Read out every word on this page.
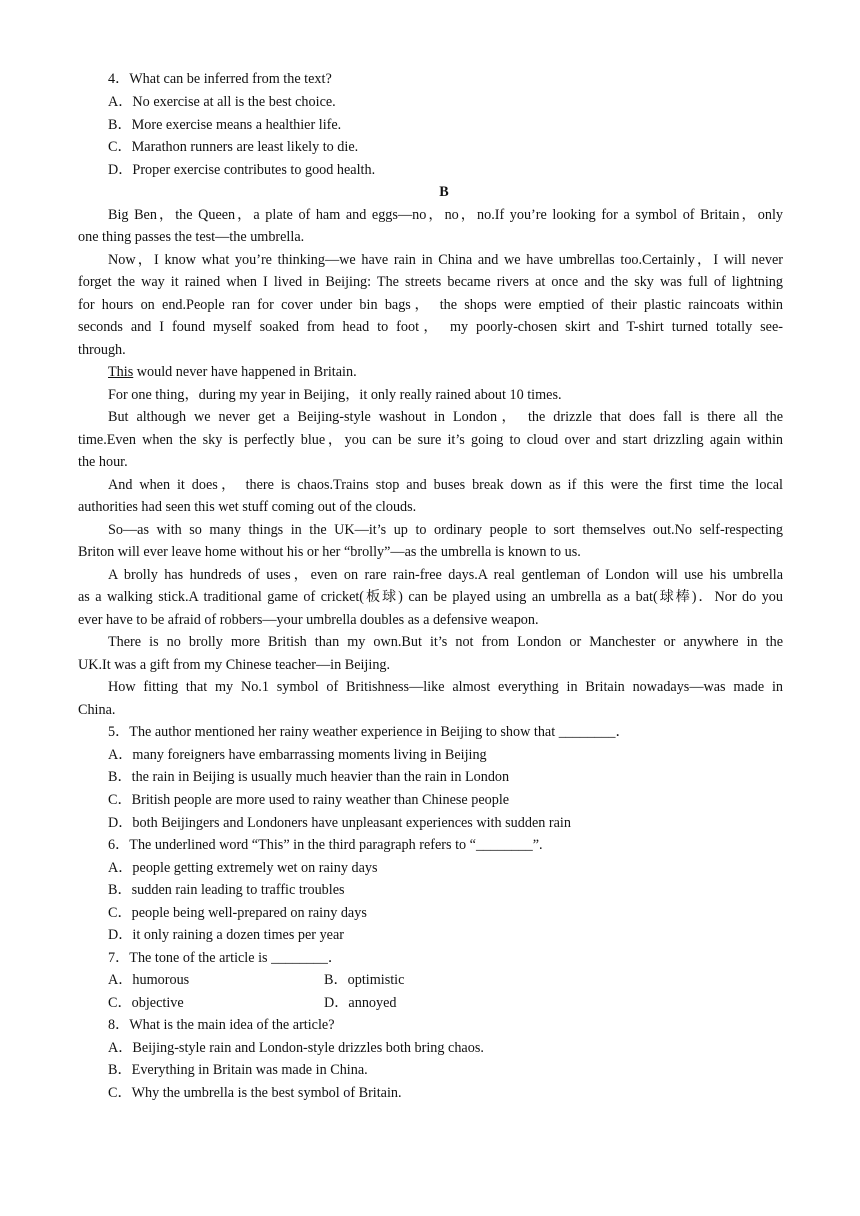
4．What can be inferred from the text?
A．No exercise at all is the best choice.
B．More exercise means a healthier life.
C．Marathon runners are least likely to die.
D．Proper exercise contributes to good health.
B
Big Ben，the Queen，a plate of ham and eggs—no，no，no.If you’re looking for a symbol of Britain，only
one thing passes the test—the umbrella.
Now，I know what you’re thinking—we have rain in China and we have umbrellas too.Certainly，I will never
forget the way it rained when I lived in Beijing: The streets became rivers at once and the sky was full of lightning
for hours on end.People ran for cover under bin bags， the shops were emptied of their plastic raincoats within
seconds and I found myself soaked from head to foot， my poorly-chosen skirt and T-shirt turned totally see-
through.
This would never have happened in Britain.
For one thing，during my year in Beijing，it only really rained about 10 times.
But although we never get a Beijing-style washout in London， the drizzle that does fall is there all the
time.Even when the sky is perfectly blue，you can be sure it’s going to cloud over and start drizzling again within
the hour.
And when it does， there is chaos.Trains stop and buses break down as if this were the first time the local
authorities had seen this wet stuff coming out of the clouds.
So—as with so many things in the UK—it’s up to ordinary people to sort themselves out.No self-respecting
Briton will ever leave home without his or her “brolly”—as the umbrella is known to us.
A brolly has hundreds of uses，even on rare rain-free days.A real gentleman of London will use his umbrella
as a walking stick.A traditional game of cricket(板球) can be played using an umbrella as a bat(球棒)．Nor do you
ever have to be afraid of robbers—your umbrella doubles as a defensive weapon.
There is no brolly more British than my own.But it’s not from London or Manchester or anywhere in the
UK.It was a gift from my Chinese teacher—in Beijing.
How fitting that my No.1 symbol of Britishness—like almost everything in Britain nowadays—was made in
China.
5．The author mentioned her rainy weather experience in Beijing to show that ________．
A．many foreigners have embarrassing moments living in Beijing
B．the rain in Beijing is usually much heavier than the rain in London
C．British people are more used to rainy weather than Chinese people
D．both Beijingers and Londoners have unpleasant experiences with sudden rain
6．The underlined word “This” in the third paragraph refers to “________”.
A．people getting extremely wet on rainy days
B．sudden rain leading to traffic troubles
C．people being well-prepared on rainy days
D．it only raining a dozen times per year
7．The tone of the article is ________．
A．humorous	B．optimistic
C．objective	D．annoyed
8．What is the main idea of the article?
A．Beijing-style rain and London-style drizzles both bring chaos.
B．Everything in Britain was made in China.
C．Why the umbrella is the best symbol of Britain.
